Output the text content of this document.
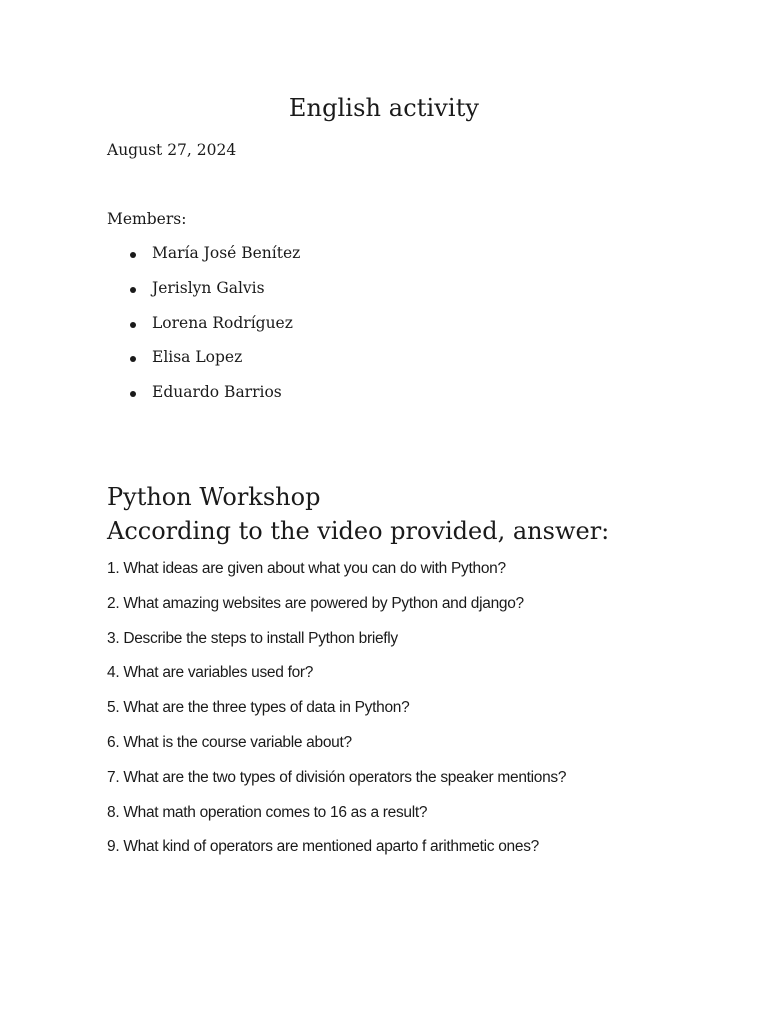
English activity

August 27, 2024

Members:

María José Benítez
Jerislyn Galvis
Lorena Rodríguez
Elisa Lopez
Eduardo Barrios
Python Workshop
According to the video provided, answer:
1. What ideas are given about what you can do with Python?
2. What amazing websites are powered by Python and django?
3. Describe the steps to install Python briefly
4. What are variables used for?
5. What are the three types of data in Python?
6. What is the course variable about?
7. What are the two types of división operators the speaker mentions?
8. What math operation comes to 16 as a result?
9. What kind of operators are mentioned aparto f arithmetic ones?
